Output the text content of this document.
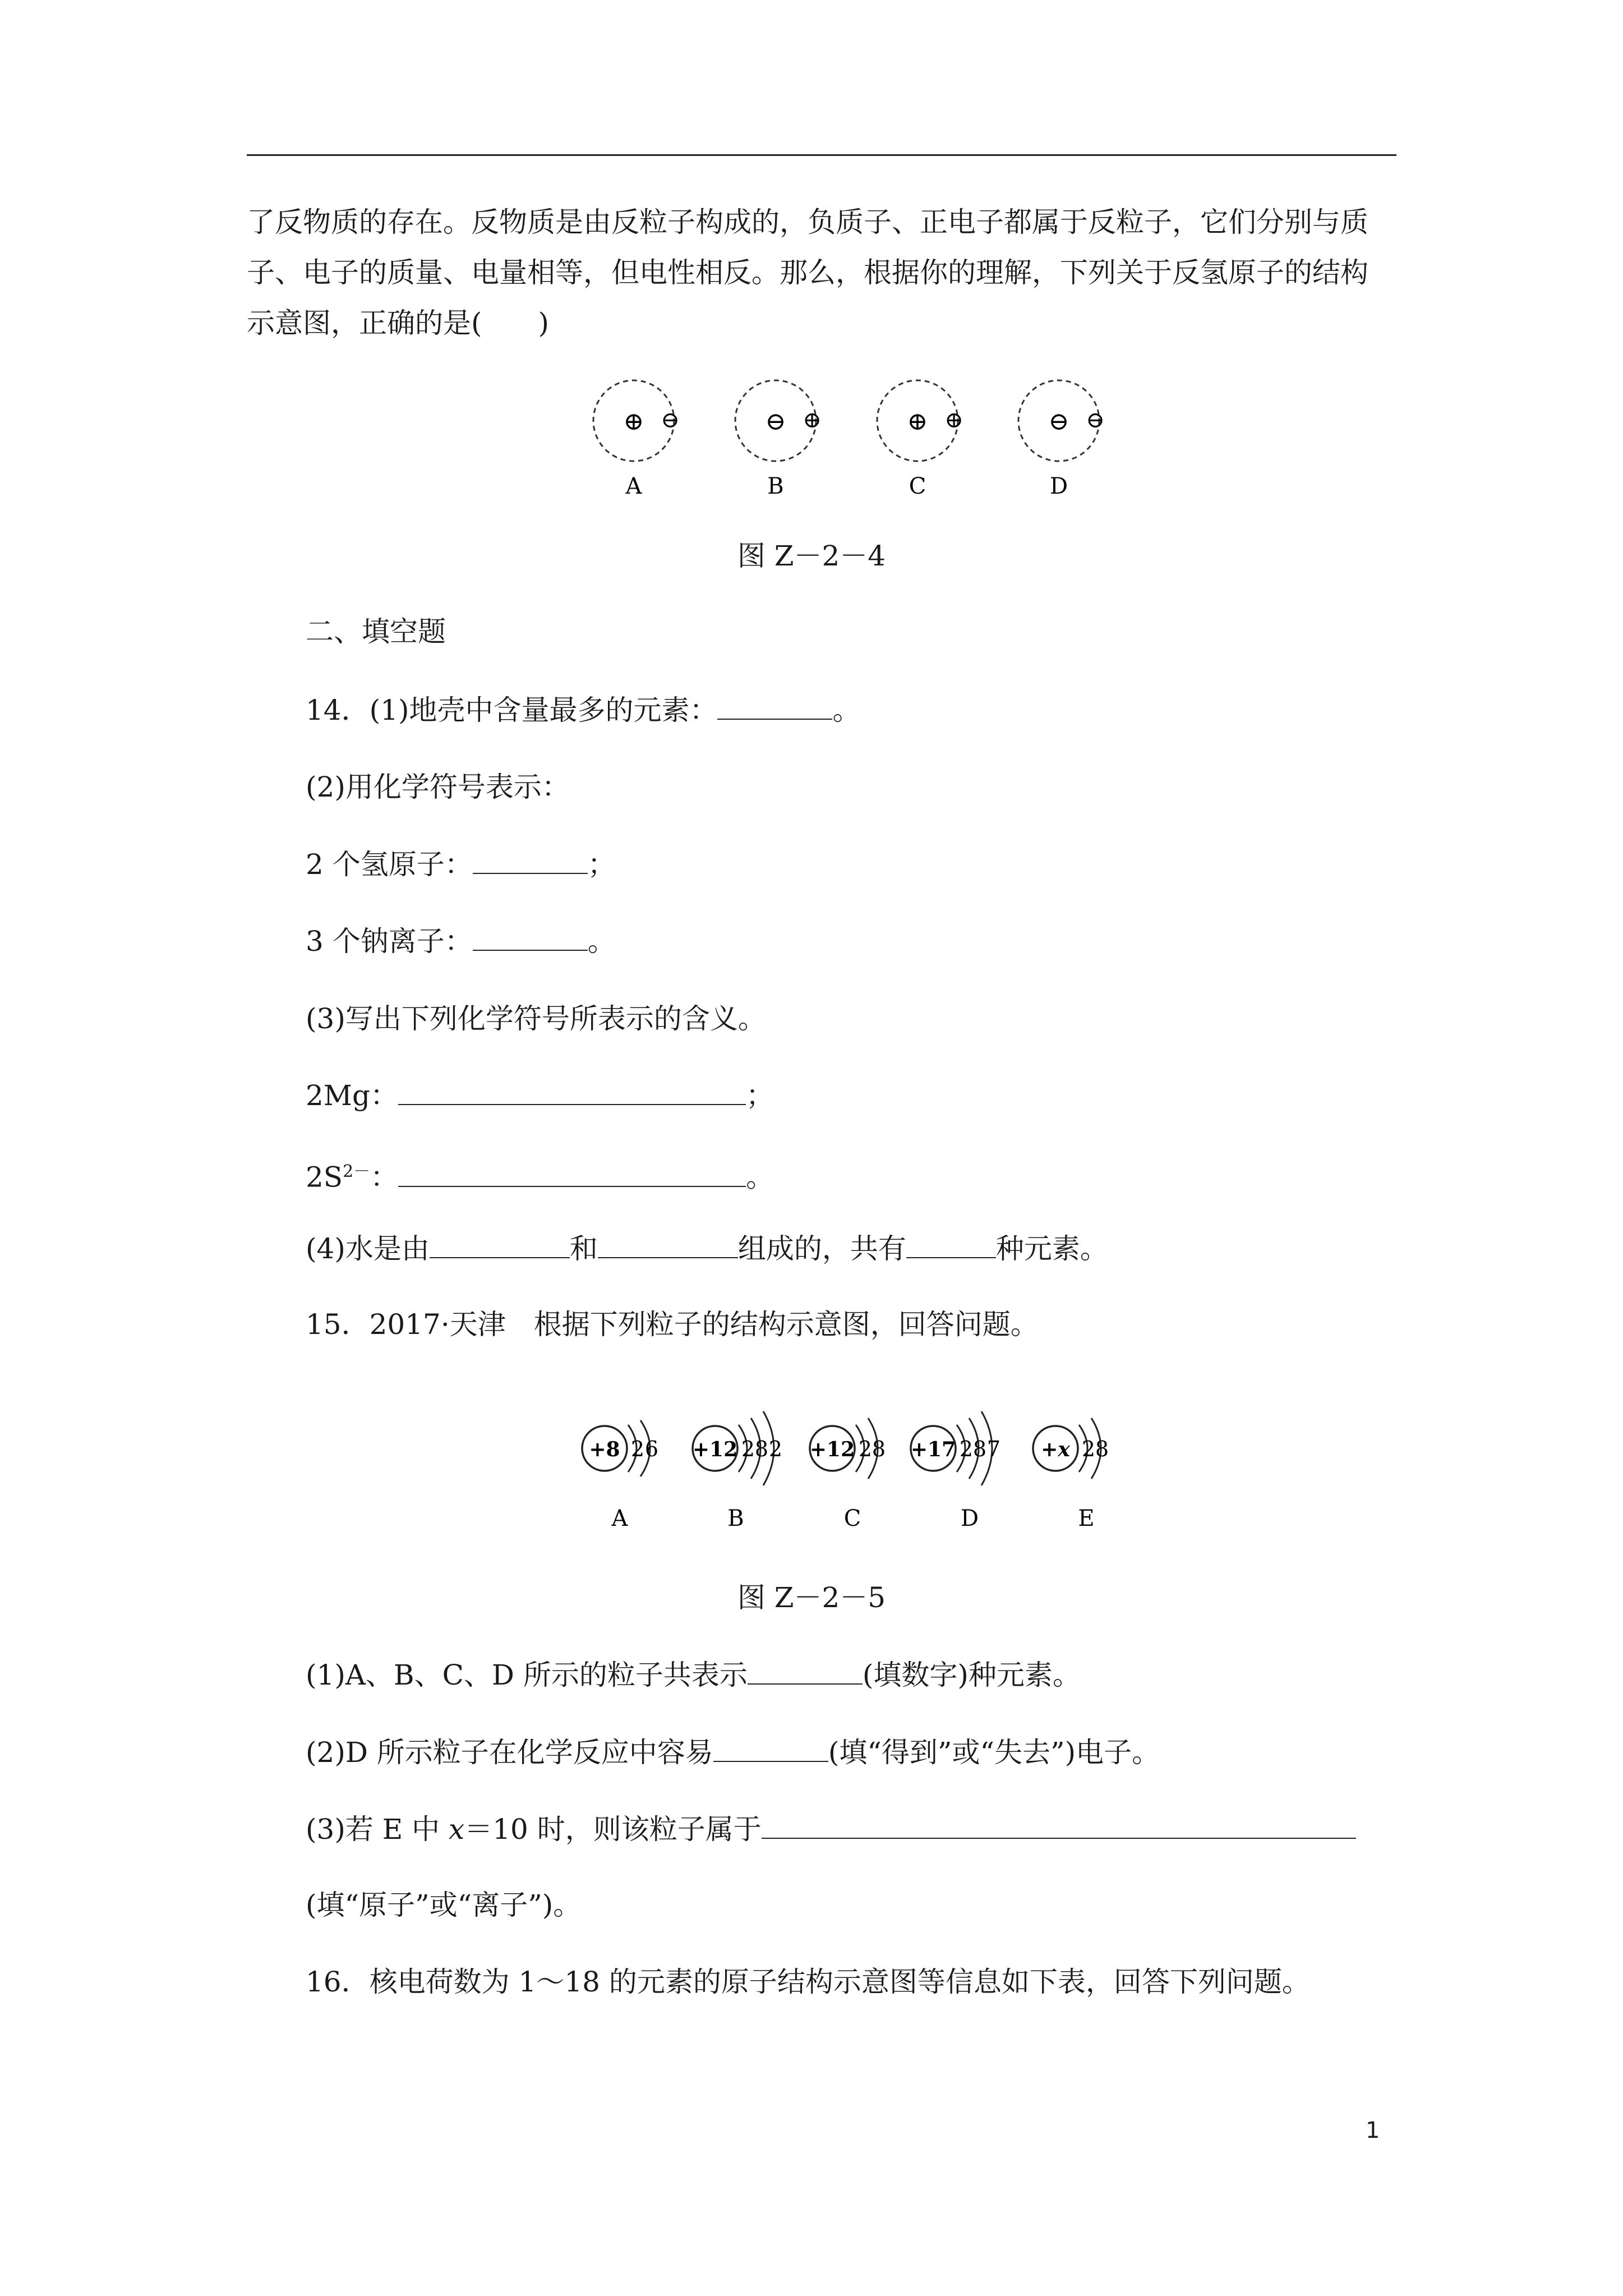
了反物质的存在。反物质是由反粒子构成的，负质子、正电子都属于反粒子，它们分别与质
子、电子的质量、电量相等，但电性相反。那么，根据你的理解，下列关于反氢原子的结构
示意图，正确的是(　　)
⊕ ⊖
A
⊖ ⊕
B
⊕ ⊕
C
⊖ ⊖
D
图 Z－2－4
二、填空题
14．(1)地壳中含量最多的元素：	。
(2)用化学符号表示：
2 个氢原子：	；
3 个钠离子：	。
(3)写出下列化学符号所表示的含义。
2Mg：	；
$2S^{2-}$：	。
(4)水是由	和	组成的，共有	种元素。
15．2017·天津　根据下列粒子的结构示意图，回答问题。
+8 2 6
A
+12 2 8 2
B
+12 2 8
C
+17 2 8 7
D
+x 2 8
E
图 Z－2－5
(1)A、B、C、D 所示的粒子共表示	(填数字)种元素。
(2)D 所示粒子在化学反应中容易	(填“得到”或“失去”)电子。
(3)若 E 中 x＝10 时，则该粒子属于
(填“原子”或“离子”)。
16．核电荷数为 1～18 的元素的原子结构示意图等信息如下表，回答下列问题。
1
